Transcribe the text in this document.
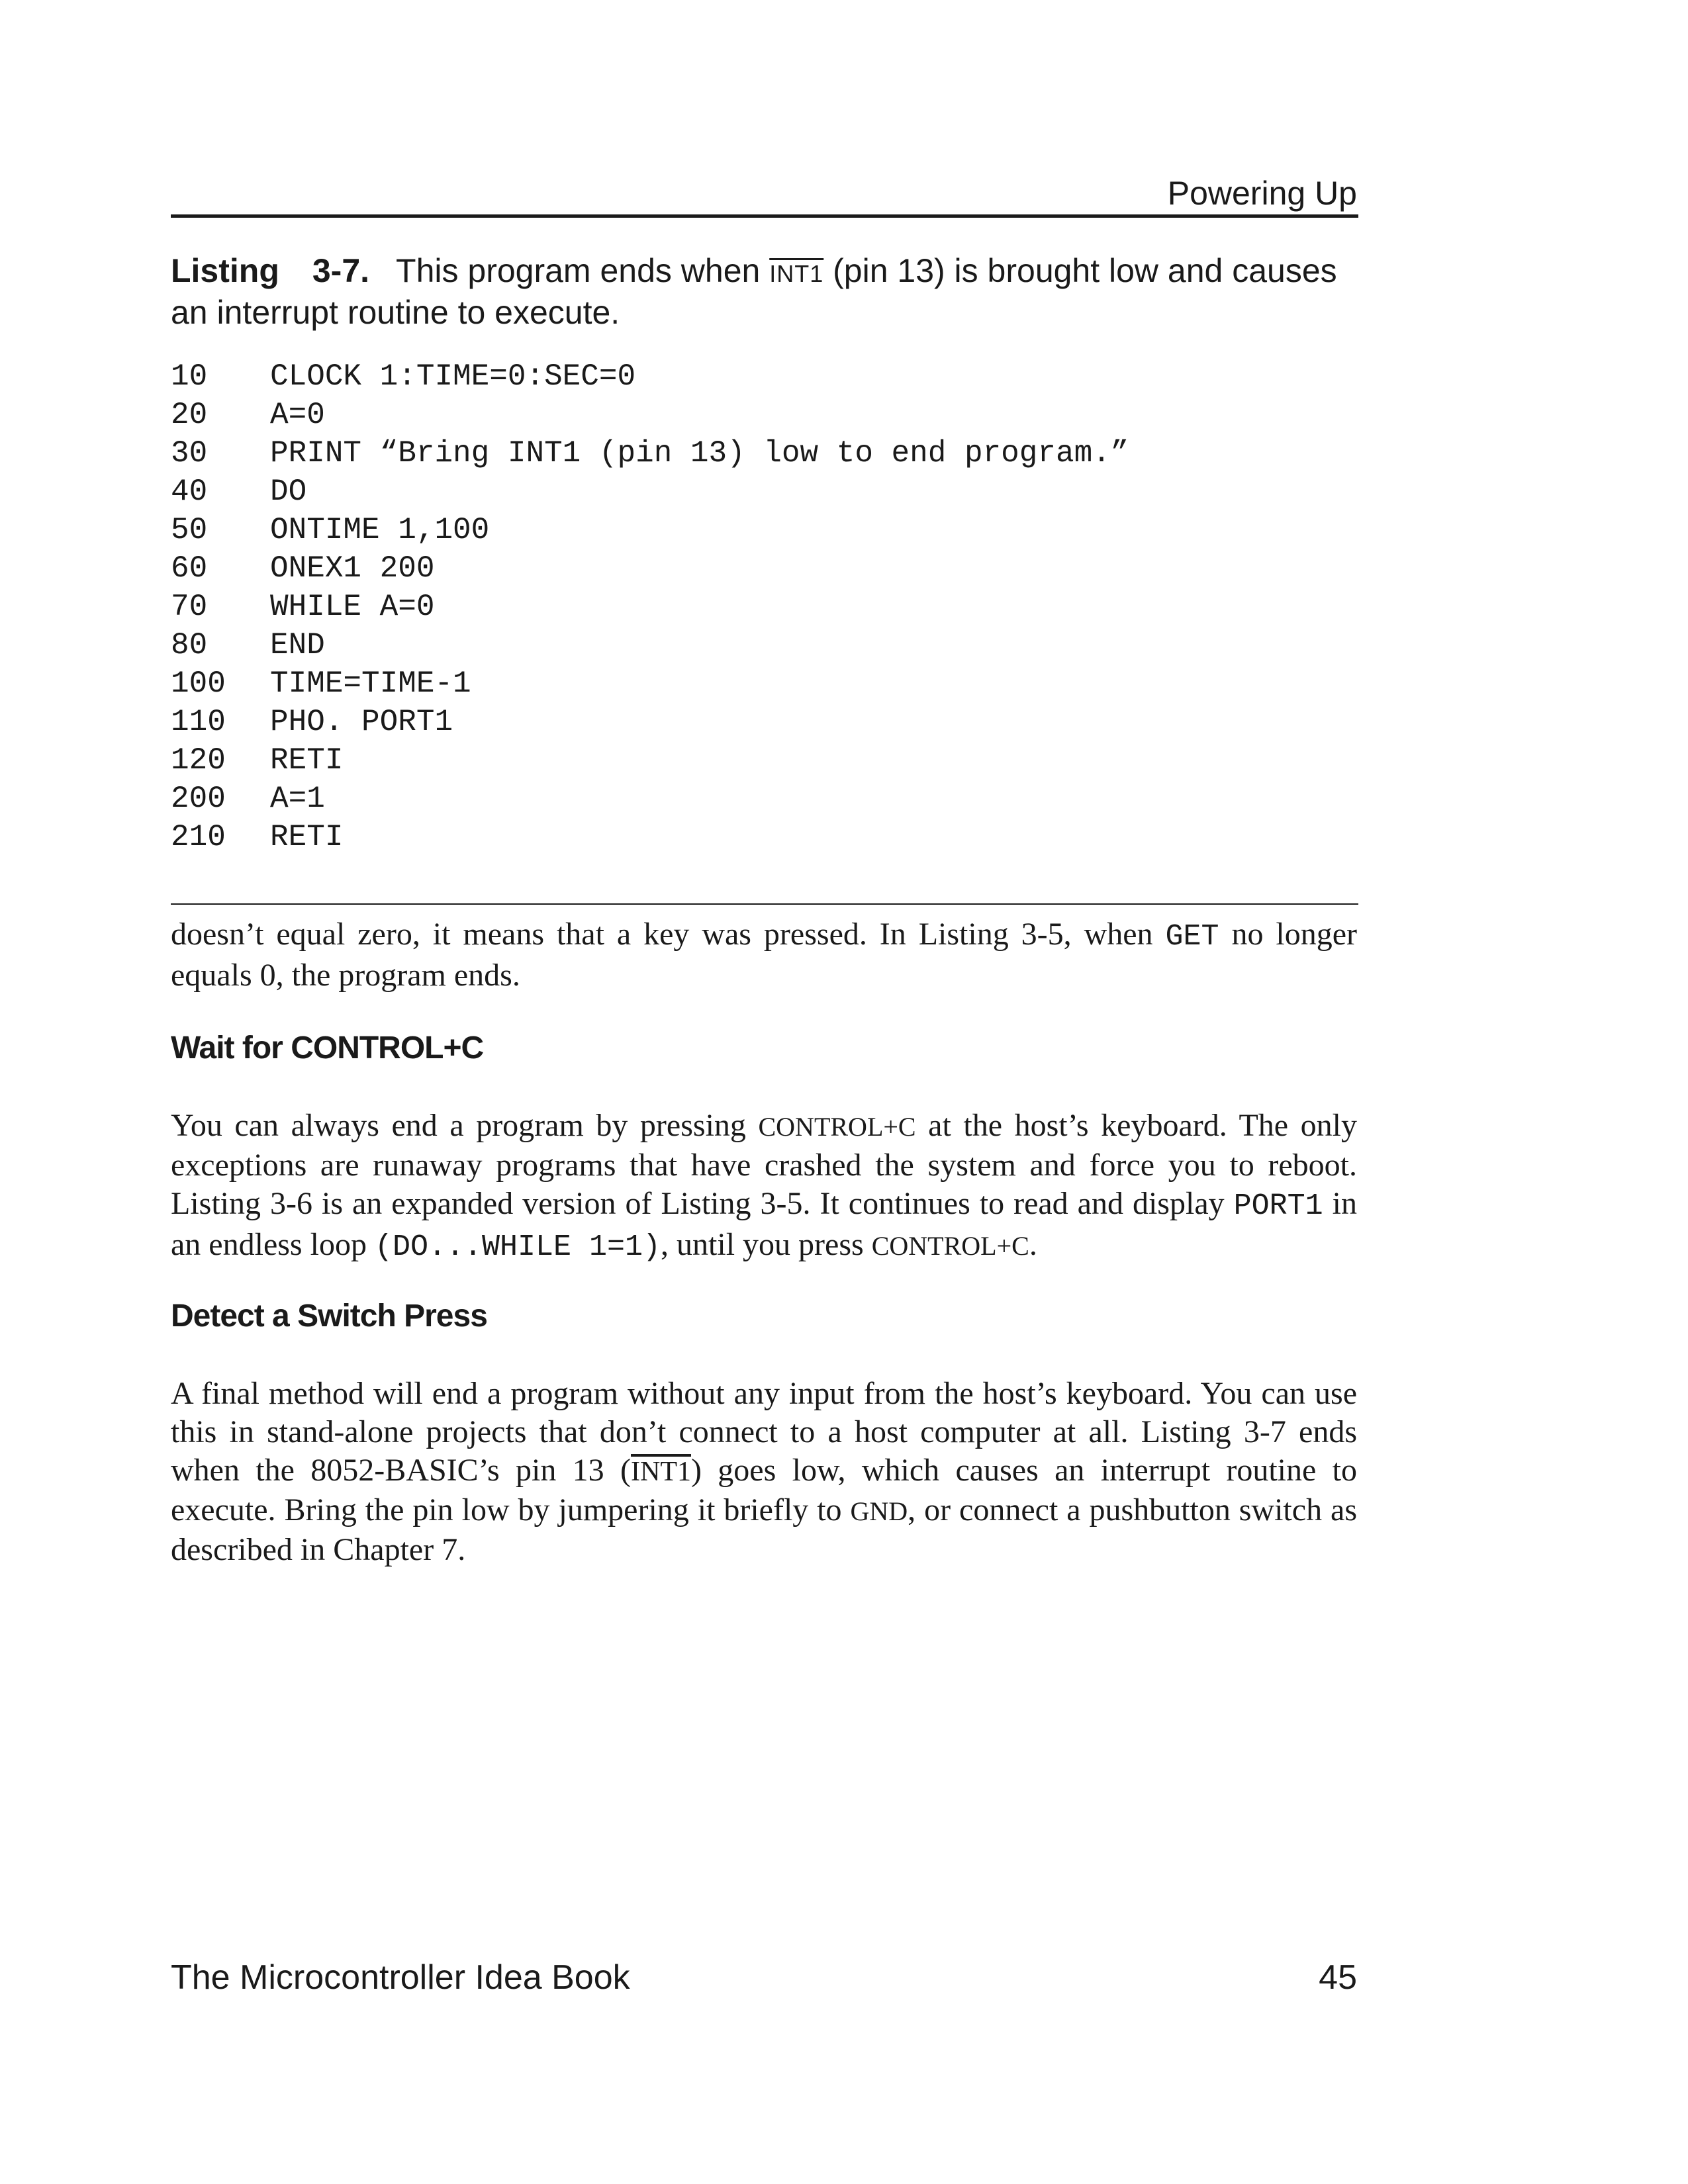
Powering Up
Listing 3-7. This program ends when INT1 (pin 13) is brought low and causes an interrupt routine to execute.
10 CLOCK 1:TIME=0:SEC=0
20 A=0
30 PRINT “Bring INT1 (pin 13) low to end program.”
40 DO
50 ONTIME 1,100
60 ONEX1 200
70 WHILE A=0
80 END
100 TIME=TIME-1
110 PHO. PORT1
120 RETI
200 A=1
210 RETI
doesn’t equal zero, it means that a key was pressed. In Listing 3-5, when GET no longer equals 0, the program ends.
Wait for CONTROL+C
You can always end a program by pressing CONTROL+C at the host’s keyboard. The only exceptions are runaway programs that have crashed the system and force you to reboot. Listing 3-6 is an expanded version of Listing 3-5. It continues to read and display PORT1 in an endless loop (DO...WHILE 1=1), until you press CONTROL+C.
Detect a Switch Press
A final method will end a program without any input from the host’s keyboard. You can use this in stand-alone projects that don’t connect to a host computer at all. Listing 3-7 ends when the 8052-BASIC’s pin 13 (INT1) goes low, which causes an interrupt routine to execute. Bring the pin low by jumpering it briefly to GND, or connect a pushbutton switch as described in Chapter 7.
The Microcontroller Idea Book	45
